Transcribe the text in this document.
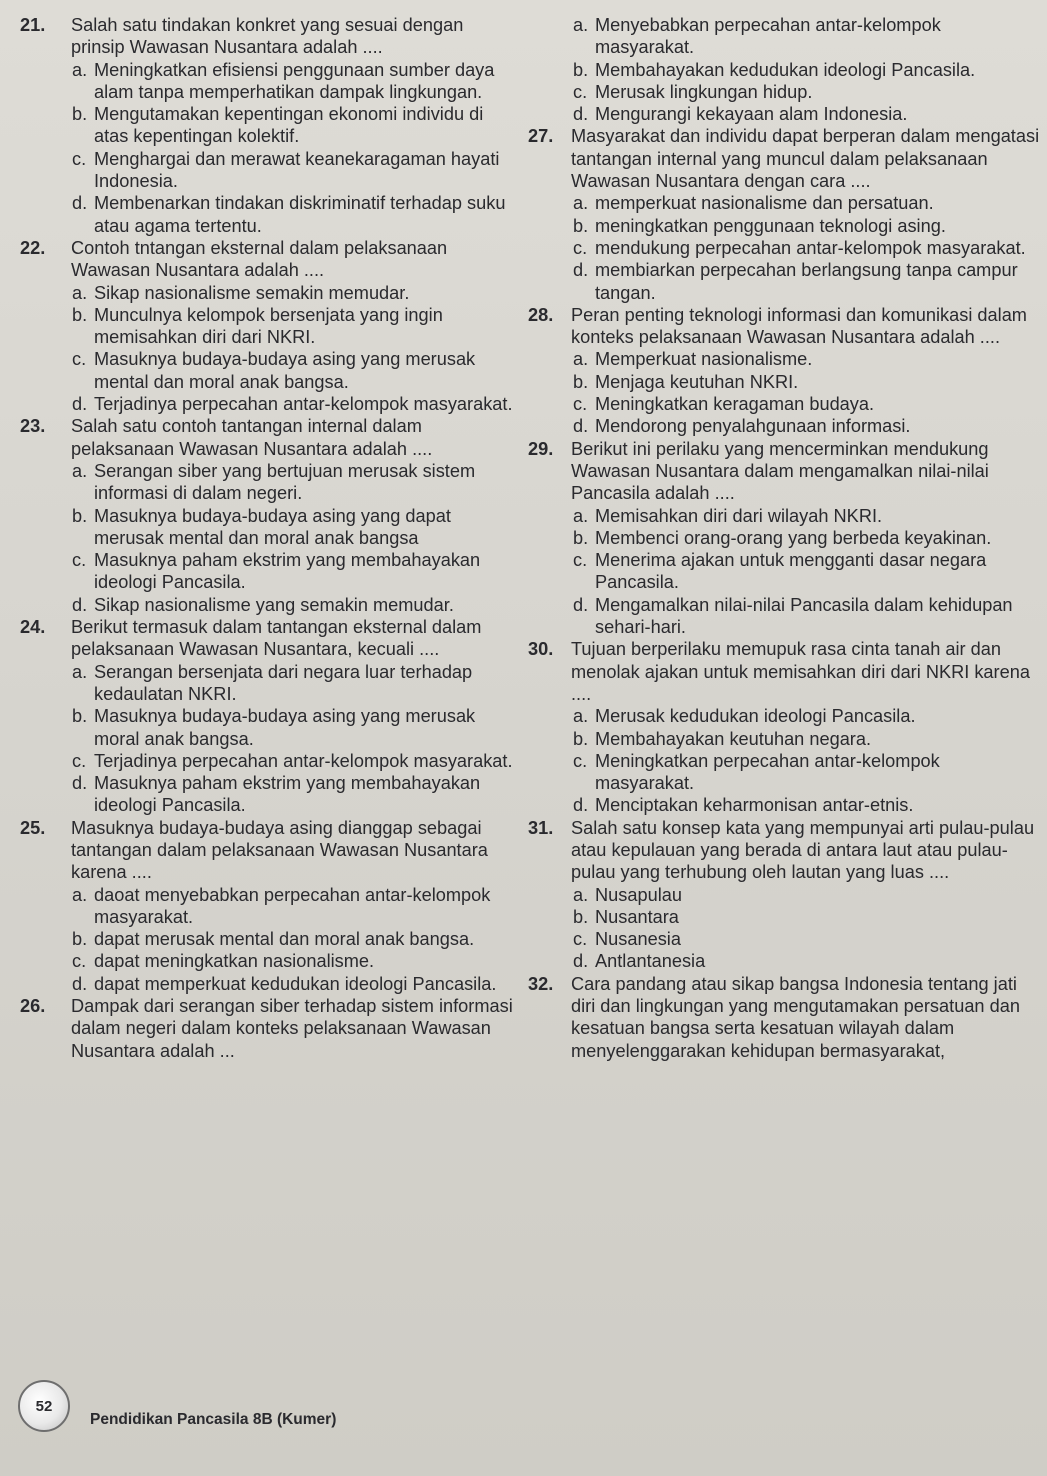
21.	Salah satu tindakan konkret yang sesuai dengan prinsip Wawasan Nusantara adalah ....
a. Meningkatkan efisiensi penggunaan sumber daya alam tanpa memperhatikan dampak lingkungan.
b. Mengutamakan kepentingan ekonomi individu di atas kepentingan kolektif.
c. Menghargai dan merawat keanekaragaman hayati Indonesia.
d. Membenarkan tindakan diskriminatif terhadap suku atau agama tertentu.
22.	Contoh tntangan eksternal dalam pelaksanaan Wawasan Nusantara adalah ....
a. Sikap nasionalisme semakin memudar.
b. Munculnya kelompok bersenjata yang ingin memisahkan diri dari NKRI.
c. Masuknya budaya-budaya asing yang merusak mental dan moral anak bangsa.
d. Terjadinya perpecahan antar-kelompok masyarakat.
23.	Salah satu contoh tantangan internal dalam pelaksanaan Wawasan Nusantara adalah ....
a. Serangan siber yang bertujuan merusak sistem informasi di dalam negeri.
b. Masuknya budaya-budaya asing yang dapat merusak mental dan moral anak bangsa
c. Masuknya paham ekstrim yang membahayakan ideologi Pancasila.
d. Sikap nasionalisme yang semakin memudar.
24.	Berikut termasuk dalam tantangan eksternal dalam pelaksanaan Wawasan Nusantara, kecuali ....
a. Serangan bersenjata dari negara luar terhadap kedaulatan NKRI.
b. Masuknya budaya-budaya asing yang merusak moral anak bangsa.
c. Terjadinya perpecahan antar-kelompok masyarakat.
d. Masuknya paham ekstrim yang membahayakan ideologi Pancasila.
25.	Masuknya budaya-budaya asing dianggap sebagai tantangan dalam pelaksanaan Wawasan Nusantara karena ....
a. daoat menyebabkan perpecahan antar-kelompok masyarakat.
b. dapat merusak mental dan moral anak bangsa.
c. dapat meningkatkan nasionalisme.
d. dapat memperkuat kedudukan ideologi Pancasila.
26.	Dampak dari serangan siber terhadap sistem informasi dalam negeri dalam konteks pelaksanaan Wawasan Nusantara adalah ...
a. Menyebabkan perpecahan antar-kelompok masyarakat.
b. Membahayakan kedudukan ideologi Pancasila.
c. Merusak lingkungan hidup.
d. Mengurangi kekayaan alam Indonesia.
27. Masyarakat dan individu dapat berperan dalam mengatasi tantangan internal yang muncul dalam pelaksanaan Wawasan Nusantara dengan cara ....
a. memperkuat nasionalisme dan persatuan.
b. meningkatkan penggunaan teknologi asing.
c. mendukung perpecahan antar-kelompok masyarakat.
d. membiarkan perpecahan berlangsung tanpa campur tangan.
28. Peran penting teknologi informasi dan komunikasi dalam konteks pelaksanaan Wawasan Nusantara adalah ....
a. Memperkuat nasionalisme.
b. Menjaga keutuhan NKRI.
c. Meningkatkan keragaman budaya.
d. Mendorong penyalahgunaan informasi.
29. Berikut ini perilaku yang mencerminkan mendukung Wawasan Nusantara dalam mengamalkan nilai-nilai Pancasila adalah ....
a. Memisahkan diri dari wilayah NKRI.
b. Membenci orang-orang yang berbeda keyakinan.
c. Menerima ajakan untuk mengganti dasar negara Pancasila.
d. Mengamalkan nilai-nilai Pancasila dalam kehidupan sehari-hari.
30. Tujuan berperilaku memupuk rasa cinta tanah air dan menolak ajakan untuk memisahkan diri dari NKRI karena ....
a. Merusak kedudukan ideologi Pancasila.
b. Membahayakan keutuhan negara.
c. Meningkatkan perpecahan antar-kelompok masyarakat.
d. Menciptakan keharmonisan antar-etnis.
31. Salah satu konsep kata yang mempunyai arti pulau-pulau atau kepulauan yang berada di antara laut atau pulau-pulau yang terhubung oleh lautan yang luas ....
a. Nusapulau
b. Nusantara
c. Nusanesia
d. Antlantanesia
32. Cara pandang atau sikap bangsa Indonesia tentang jati diri dan lingkungan yang mengutamakan persatuan dan kesatuan bangsa serta kesatuan wilayah dalam menyelenggarakan kehidupan bermasyarakat,
52
Pendidikan Pancasila 8B (Kumer)
